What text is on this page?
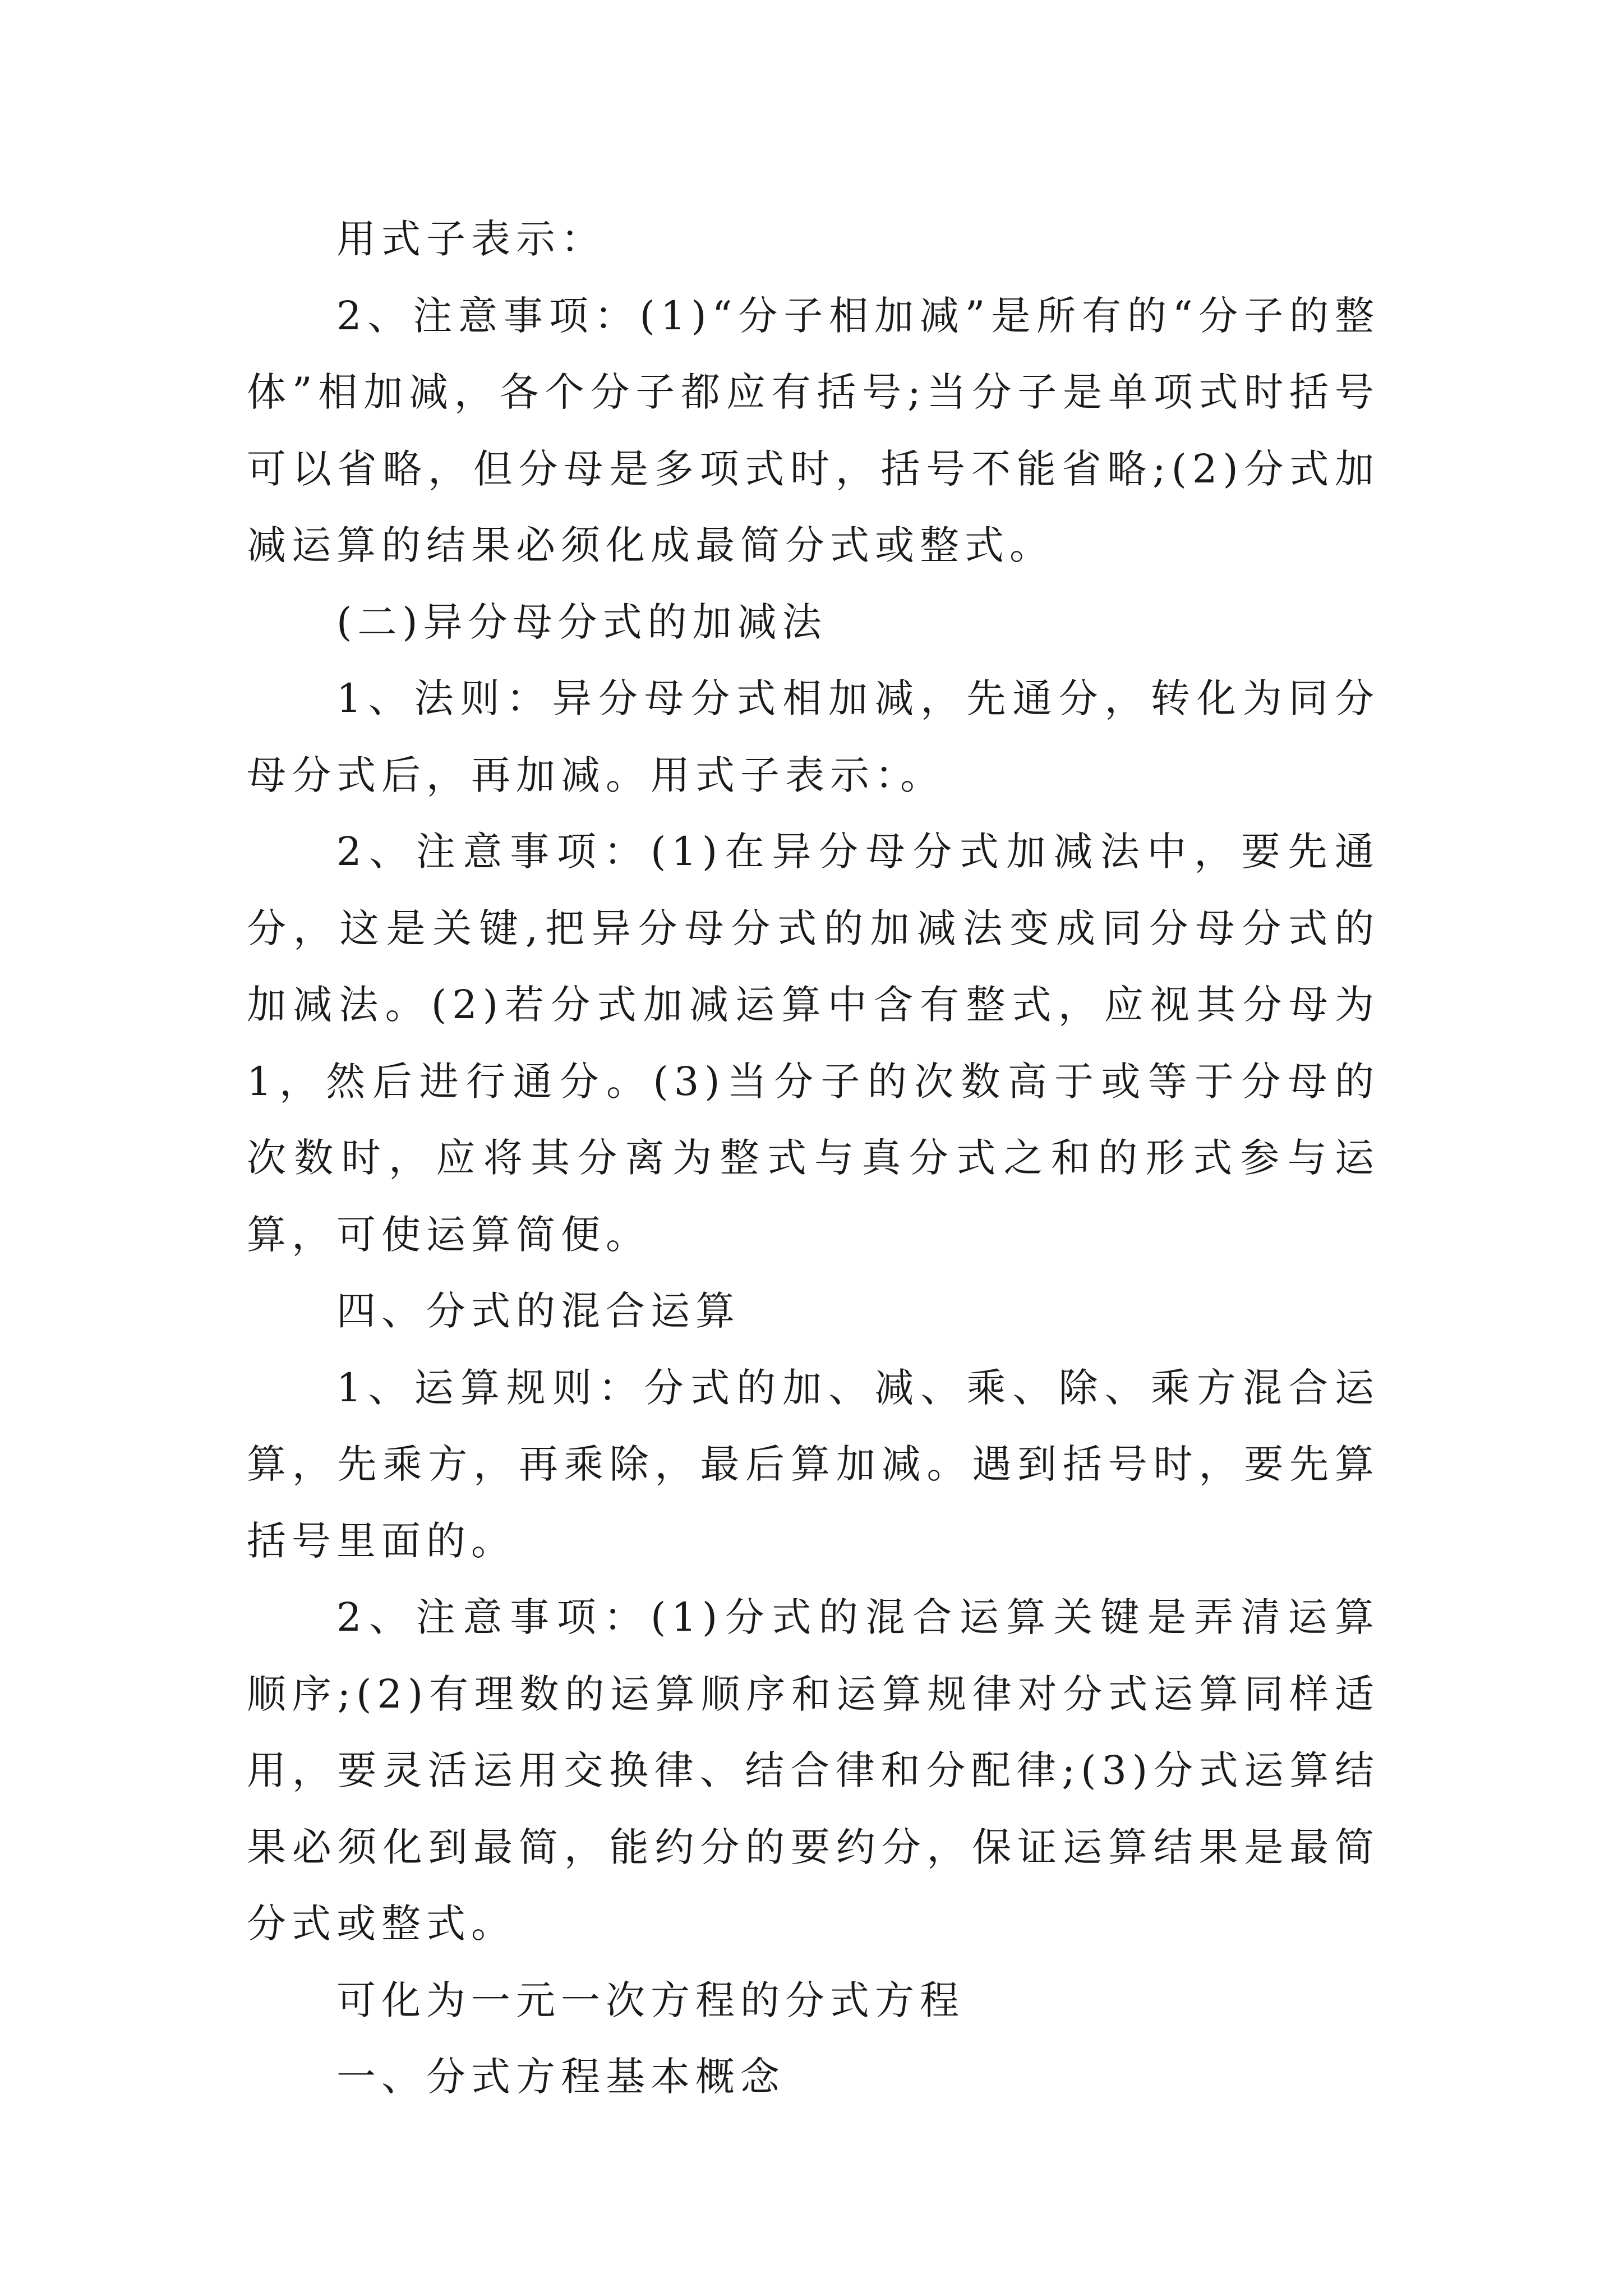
用式子表示：

2、注意事项：(1)“分子相加减”是所有的“分子的整体”相加减，各个分子都应有括号;当分子是单项式时括号可以省略，但分母是多项式时，括号不能省略;(2)分式加减运算的结果必须化成最简分式或整式。

(二)异分母分式的加减法

1、法则：异分母分式相加减，先通分，转化为同分母分式后，再加减。用式子表示：。

2、注意事项：(1)在异分母分式加减法中，要先通分，这是关键,把异分母分式的加减法变成同分母分式的加减法。(2)若分式加减运算中含有整式，应视其分母为1，然后进行通分。(3)当分子的次数高于或等于分母的次数时，应将其分离为整式与真分式之和的形式参与运算，可使运算简便。

四、分式的混合运算

1、运算规则：分式的加、减、乘、除、乘方混合运算，先乘方，再乘除，最后算加减。遇到括号时，要先算括号里面的。

2、注意事项：(1)分式的混合运算关键是弄清运算顺序;(2)有理数的运算顺序和运算规律对分式运算同样适用，要灵活运用交换律、结合律和分配律;(3)分式运算结果必须化到最简，能约分的要约分，保证运算结果是最简分式或整式。

可化为一元一次方程的分式方程

一、分式方程基本概念
